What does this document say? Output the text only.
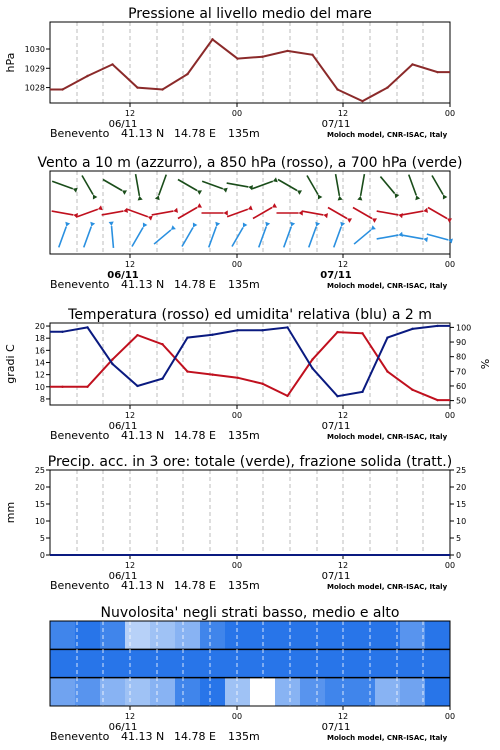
Pressione al livello medio del mare
12	00	12	00
06/11	07/11
Benevento 41.13 N 14.78 E 135m	Moloch model, CNR-ISAC, Italy
1028
1029
1030
hPa
Vento a 10 m (azzurro), a 850 hPa (rosso), a 700 hPa (verde)
12	00	12	00
06/11	07/11
Benevento 41.13 N 14.78 E 135m	Moloch model, CNR-ISAC, Italy
Temperatura (rosso) ed umidita' relativa (blu) a 2 m
12	00	12	00
06/11	07/11
Benevento 41.13 N 14.78 E 135m	Moloch model, CNR-ISAC, Italy
8
10
12
14
16
18
20
50
60
70
80
90
100
gradi C	%
Precip. acc. in 3 ore: totale (verde), frazione solida (tratt.)
12	00	12	00
06/11	07/11
Benevento 41.13 N 14.78 E 135m	Moloch model, CNR-ISAC, Italy
0	0
5	5
10	10
15	15
20	20
25	25
mm
Nuvolosita' negli strati basso, medio e alto
12	00	12	00
06/11	07/11
Benevento 41.13 N 14.78 E 135m	Moloch model, CNR-ISAC, Italy
